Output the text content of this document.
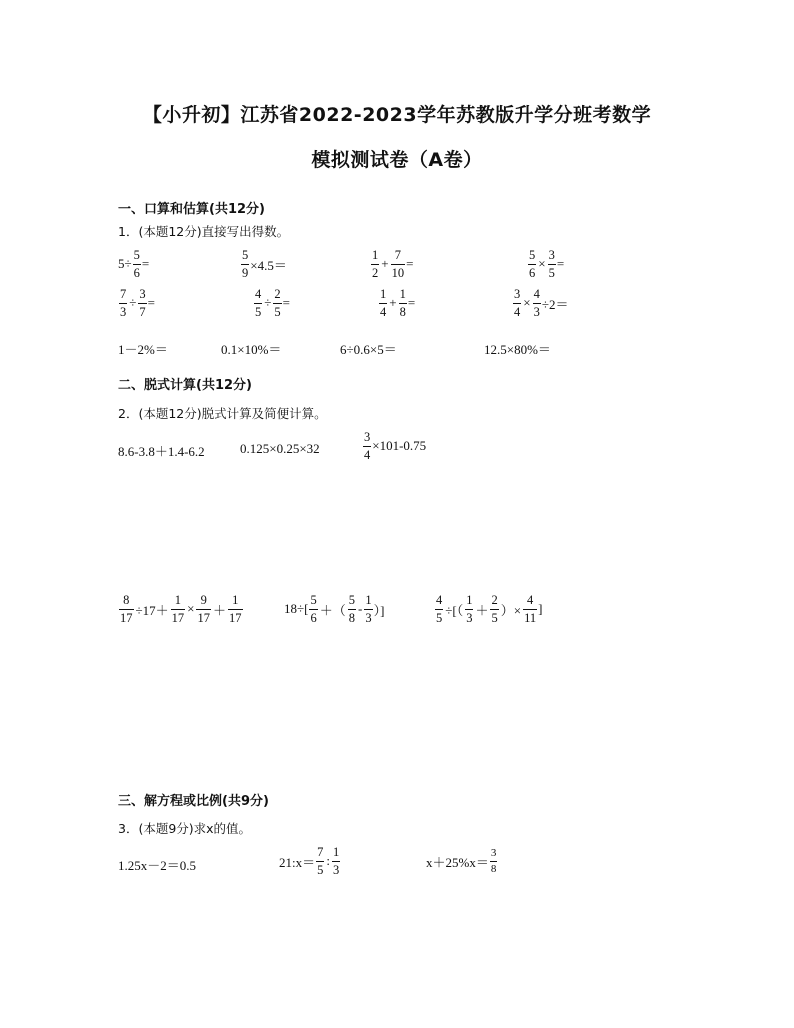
【小升初】江苏省2022-2023学年苏教版升学分班考数学
模拟测试卷（A卷）
一、口算和估算(共12分)
1．(本题12分)直接写出得数。
$5\div \frac{5}{6}$ =	$\frac{5}{9} \times 4.5=$	$\frac{1}{2} + \frac{7}{10}$ =	$\frac{5}{6} \times \frac{3}{5}$ =
$\frac{7}{3} \div \frac{3}{7}$ =	$\frac{4}{5} \div \frac{2}{5}$ =	$\frac{1}{4} + \frac{1}{8}$ =	$\frac{3}{4} \times \frac{4}{3} \div 2=$
1－2%＝	0.1×10%＝	6÷0.6×5＝	12.5×80%＝
二、脱式计算(共12分)
2．(本题12分)脱式计算及简便计算。
8.6-3.8＋1.4-6.2	0.125×0.25×32	$\frac{3}{4} \times 101-0.75$
$\frac{8}{17} \div 17+ \frac{1}{17} \times \frac{9}{17} + \frac{1}{17}$	$18\div[ \frac{5}{6}$ ＋（ $\frac{5}{8} - \frac{1}{3}$ ）]	$\frac{4}{5}$ ÷[（ $\frac{1}{3} + \frac{2}{5}$ ）× $\frac{4}{11}$ ]
三、解方程或比例(共9分)
3．(本题9分)求x的值。
1.25x－2＝0.5	21:x＝ $\frac{7}{5}$ : $\frac{1}{3}$	$x+25\%x= \frac{3}{8}$
